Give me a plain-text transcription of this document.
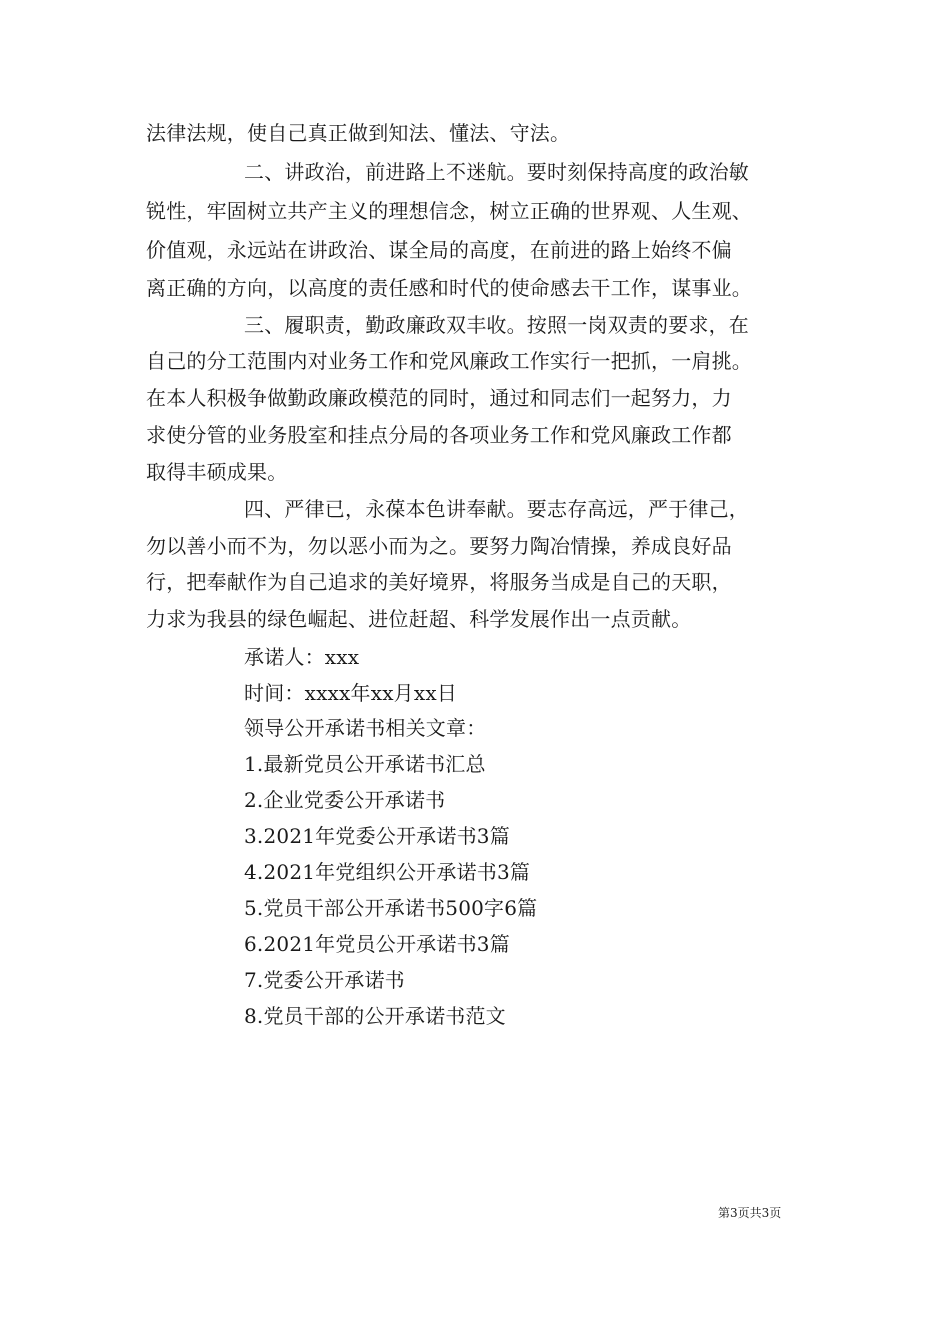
法律法规，使自己真正做到知法、懂法、守法。
二、讲政治，前进路上不迷航。要时刻保持高度的政治敏
锐性，牢固树立共产主义的理想信念，树立正确的世界观、人生观、
价值观，永远站在讲政治、谋全局的高度，在前进的路上始终不偏
离正确的方向，以高度的责任感和时代的使命感去干工作，谋事业。
三、履职责，勤政廉政双丰收。按照一岗双责的要求，在
自己的分工范围内对业务工作和党风廉政工作实行一把抓，一肩挑。
在本人积极争做勤政廉政模范的同时，通过和同志们一起努力，力
求使分管的业务股室和挂点分局的各项业务工作和党风廉政工作都
取得丰硕成果。
四、严律已，永葆本色讲奉献。要志存高远，严于律己，
勿以善小而不为，勿以恶小而为之。要努力陶冶情操，养成良好品
行，把奉献作为自己追求的美好境界，将服务当成是自己的天职，
力求为我县的绿色崛起、进位赶超、科学发展作出一点贡献。
承诺人：xxx
时间：xxxx年xx月xx日
领导公开承诺书相关文章：
1.最新党员公开承诺书汇总
2.企业党委公开承诺书
3.2021年党委公开承诺书3篇
4.2021年党组织公开承诺书3篇
5.党员干部公开承诺书500字6篇
6.2021年党员公开承诺书3篇
7.党委公开承诺书
8.党员干部的公开承诺书范文
第3页共3页
